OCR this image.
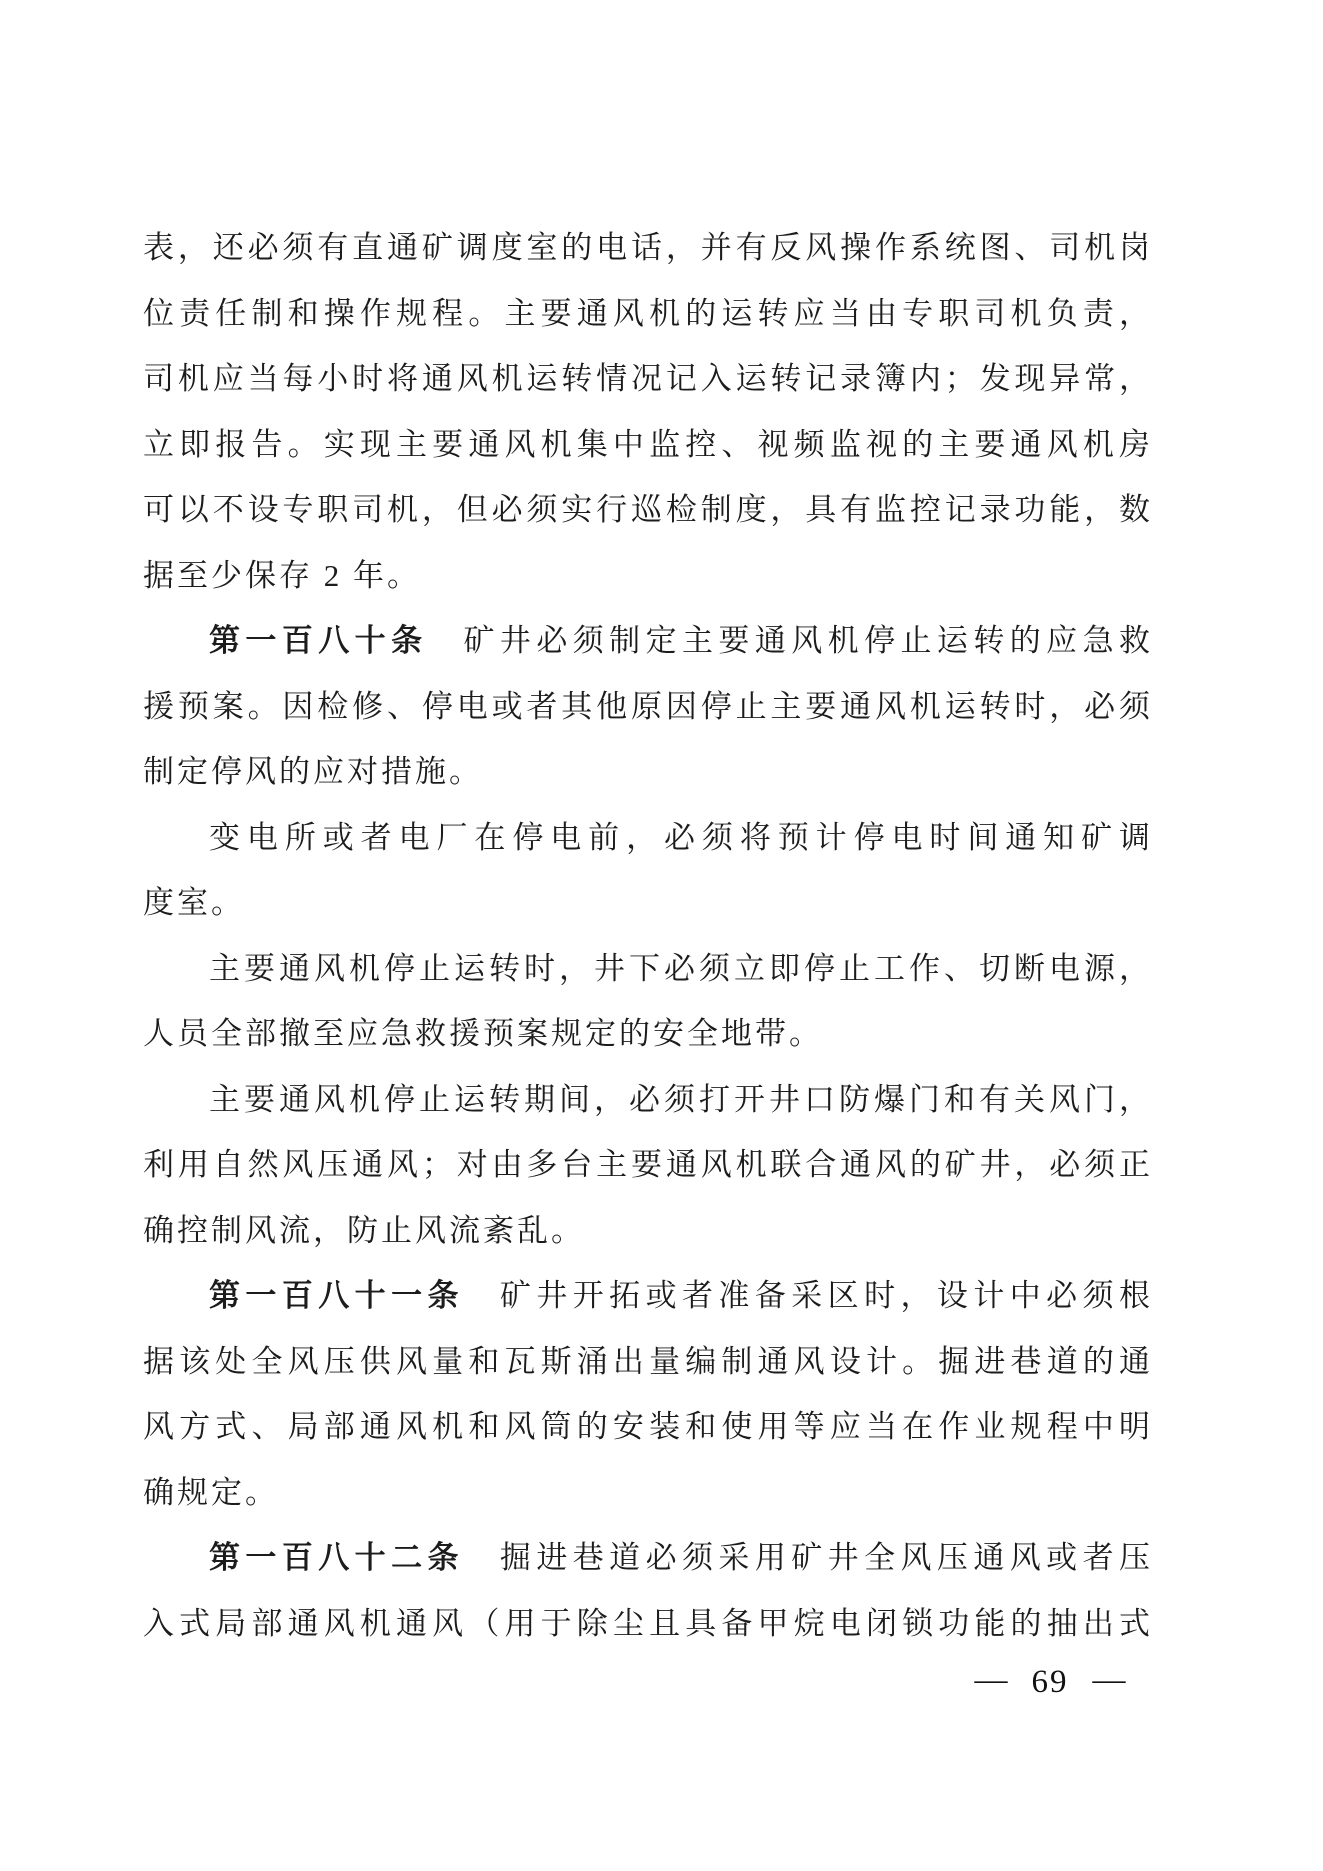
表，还必须有直通矿调度室的电话，并有反风操作系统图、司机岗
位责任制和操作规程。主要通风机的运转应当由专职司机负责，
司机应当每小时将通风机运转情况记入运转记录簿内；发现异常，
立即报告。实现主要通风机集中监控、视频监视的主要通风机房
可以不设专职司机，但必须实行巡检制度，具有监控记录功能，数
据至少保存 2 年。
第一百八十条 矿井必须制定主要通风机停止运转的应急救
援预案。因检修、停电或者其他原因停止主要通风机运转时，必须
制定停风的应对措施。
变电所或者电厂在停电前，必须将预计停电时间通知矿调
度室。
主要通风机停止运转时，井下必须立即停止工作、切断电源，
人员全部撤至应急救援预案规定的安全地带。
主要通风机停止运转期间，必须打开井口防爆门和有关风门，
利用自然风压通风；对由多台主要通风机联合通风的矿井，必须正
确控制风流，防止风流紊乱。
第一百八十一条 矿井开拓或者准备采区时，设计中必须根
据该处全风压供风量和瓦斯涌出量编制通风设计。掘进巷道的通
风方式、局部通风机和风筒的安装和使用等应当在作业规程中明
确规定。
第一百八十二条 掘进巷道必须采用矿井全风压通风或者压
入式局部通风机通风（用于除尘且具备甲烷电闭锁功能的抽出式
— 69 —
